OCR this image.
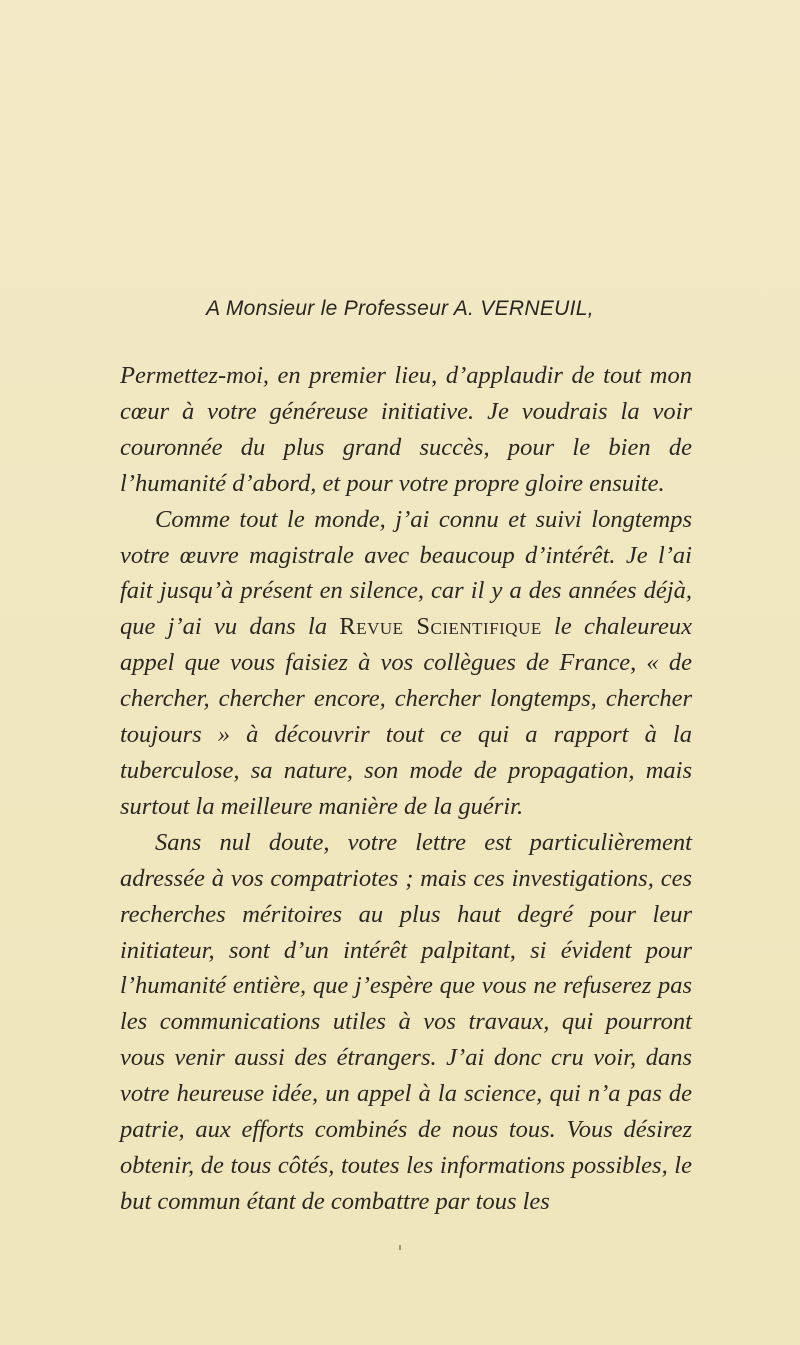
A Monsieur le Professeur A. VERNEUIL,

Permettez-moi, en premier lieu, d’applaudir de tout mon cœur à votre généreuse initiative. Je voudrais la voir couronnée du plus grand succès, pour le bien de l’humanité d’abord, et pour votre propre gloire ensuite.

Comme tout le monde, j’ai connu et suivi longtemps votre œuvre magistrale avec beaucoup d’intérêt. Je l’ai fait jusqu’à présent en silence, car il y a des années déjà, que j’ai vu dans la Revue Scientifique le chaleureux appel que vous faisiez à vos collègues de France, « de chercher, chercher encore, chercher longtemps, chercher toujours » à découvrir tout ce qui a rapport à la tuberculose, sa nature, son mode de propagation, mais surtout la meilleure manière de la guérir.

Sans nul doute, votre lettre est particulièrement adressée à vos compatriotes ; mais ces investigations, ces recherches méritoires au plus haut degré pour leur initiateur, sont d’un intérêt palpitant, si évident pour l’humanité entière, que j’espère que vous ne refuserez pas les communications utiles à vos travaux, qui pourront vous venir aussi des étrangers. J’ai donc cru voir, dans votre heureuse idée, un appel à la science, qui n’a pas de patrie, aux efforts combinés de nous tous. Vous désirez obtenir, de tous côtés, toutes les informations possibles, le but commun étant de combattre par tous les
